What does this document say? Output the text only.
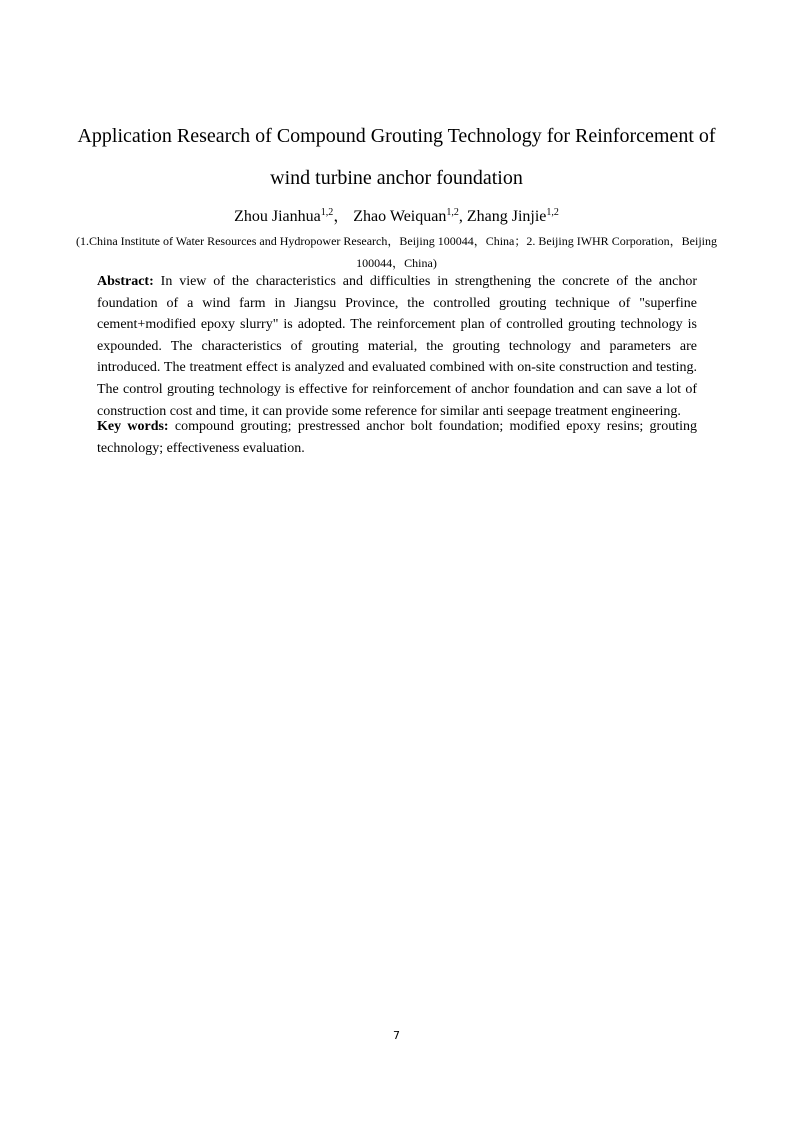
Application Research of Compound Grouting Technology for Reinforcement of
wind turbine anchor foundation
Zhou Jianhua$^{1,2}$， Zhao Weiquan$^{1,2}$, Zhang Jinjie$^{1,2}$
(1.China Institute of Water Resources and Hydropower Research，Beijing 100044，China；2. Beijing IWHR Corporation，Beijing
100044，China)

Abstract: In view of the characteristics and difficulties in strengthening the concrete of the anchor foundation of a wind farm in Jiangsu Province, the controlled grouting technique of "superfine cement+modified epoxy slurry" is adopted. The reinforcement plan of controlled grouting technology is expounded. The characteristics of grouting material, the grouting technology and parameters are introduced. The treatment effect is analyzed and evaluated combined with on-site construction and testing. The control grouting technology is effective for reinforcement of anchor foundation and can save a lot of construction cost and time, it can provide some reference for similar anti seepage treatment engineering.

Key words: compound grouting; prestressed anchor bolt foundation; modified epoxy resins; grouting technology; effectiveness evaluation.

7
